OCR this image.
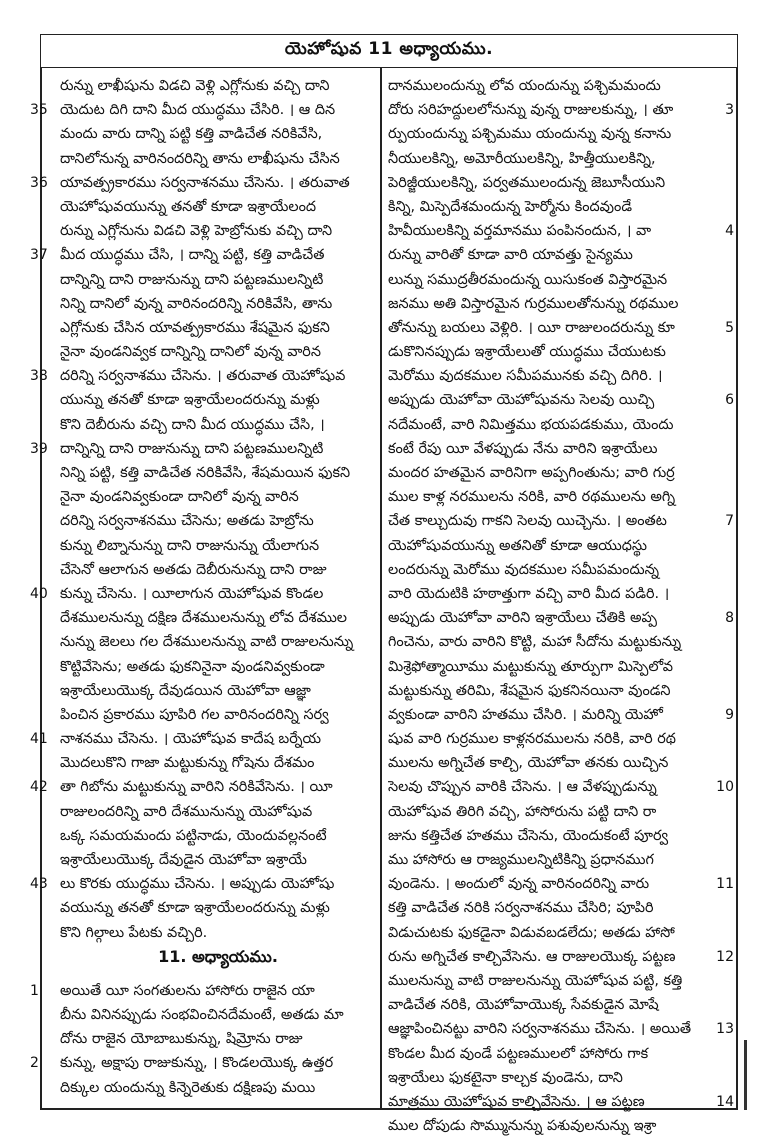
యెహోషువ 11 అధ్యాయము.
రున్ను లాఖీషును విడచి వెళ్లి ఎగ్లోనుకు వచ్చి దాని
35 యెదుట దిగి దాని మీద యుద్ధము చేసిరి. । ఆ దిన
మందు వారు దాన్ని పట్టి కత్తి వాడిచేత నరికివేసి,
దానిలోనున్న వారినందరిన్ని తాను లాఖీషును చేసిన
36 యావత్ప్రకారము సర్వనాశనము చేసెను. । తరువాత
యెహోషువయున్ను తనతో కూడా ఇశ్రాయేలంద
రున్ను ఎగ్లోనును విడచి వెళ్లి హెబ్రోనుకు వచ్చి దాని
37 మీద యుద్ధము చేసి, । దాన్ని పట్టి, కత్తి వాడిచేత
దాన్నిన్ని దాని రాజునున్ను దాని పట్టణములన్నిటి
నిన్ని దానిలో వున్న వారినందరిన్ని నరికివేసి, తాను
ఎగ్లోనుకు చేసిన యావత్ప్రకారము శేషమైన ఫుకని
నైనా వుండనివ్వక దాన్నిన్ని దానిలో వున్న వారిన
38 దరిన్ని సర్వనాశము చేసెను. । తరువాత యెహోషువ
యున్ను తనతో కూడా ఇశ్రాయేలందరున్ను మళ్లు
కొని దెబీరును వచ్చి దాని మీద యుద్ధము చేసి, ।
39 దాన్నిన్ని దాని రాజునున్ను దాని పట్టణములన్నిటి
నిన్ని పట్టి, కత్తి వాడిచేత నరికివేసి, శేషమయిన ఫుకని
నైనా వుండనివ్వకుండా దానిలో వున్న వారిన
దరిన్ని సర్వనాశనము చేసెను; అతడు హెబ్రోను
కున్ను లిబ్నానున్ను దాని రాజునున్ను యేలాగున
చేసెనో ఆలాగున అతడు దెబీరునున్ను దాని రాజు
40 కున్ను చేసెను. । యీలాగున యెహోషువ కొండల
దేశములనున్ను దక్షిణ దేశములనున్ను లోవ దేశముల
నున్ను జెలలు గల దేశములనున్ను వాటి రాజులనున్ను
కొట్టివేసెను; అతడు ఫుకనినైనా వుండనివ్వకుండా
ఇశ్రాయేలుయొక్క దేవుడయిన యెహోవా ఆజ్ఞా
పించిన ప్రకారము పూపిరి గల వారినందరిన్ని సర్వ
41 నాశనము చేసెను. । యెహోషువ కాదేష బర్నేయ
మొదలుకొని గాజా మట్టుకున్ను గోషెను దేశమం
42 తా గిబోను మట్టుకున్ను వారిని నరికివేసెను. । యీ
రాజులందరిన్ని వారి దేశమునున్ను యెహోషువ
ఒక్క సమయమందు పట్టినాడు, యెందువల్లనంటే
ఇశ్రాయేలుయొక్క దేవుడైన యెహోవా ఇశ్రాయే
43 లు కొరకు యుద్ధము చేసెను. । అప్పుడు యెహోషు
వయున్ను తనతో కూడా ఇశ్రాయేలందరున్ను మళ్లు
కొని గిల్గాలు పేటకు వచ్చిరి.
11. అధ్యాయము.
1	అయితే యీ సంగతులను హాసోరు రాజైన యా
బీను వినినప్పుడు సంభవించినదేమంటే, అతడు మా
దోను రాజైన యోబాబుకున్ను, షిమ్రోను రాజు
2	కున్ను, అక్షాపు రాజుకున్ను, । కొండలయొక్క ఉత్తర
దిక్కుల యందున్ను కిన్నెరెతుకు దక్షిణపు మయి
దానములందున్ను లోవ యందున్ను పశ్చిమమందు
3
దోరు సరిహద్దులలోనున్ను వున్న రాజులకున్ను, । తూ
ర్పుయందున్ను పశ్చిమము యందున్ను వున్న కనాను
నీయులకిన్ని, అమోరీయులకిన్ని, హిత్తీయులకిన్ని,
పెరిజ్జీయులకిన్ని, పర్వతములందున్న జెబూసీయుని
కిన్ని, మిస్పెదేశమందున్న హెర్మోను కిందవుండే
4
హివీయులకిన్ని వర్తమానము పంపినందున, । వా
రున్ను వారితో కూడా వారి యావత్తు సైన్యము
లున్ను సముద్రతీరమందున్న యిసుకంత విస్తారమైన
జనము అతి విస్తారమైన గుర్రములతోనున్ను రథముల
5
తోనున్ను బయలు వెళ్లిరి. । యీ రాజులందరున్ను కూ
డుకొనినప్పుడు ఇశ్రాయేలుతో యుద్ధము చేయుటకు
మెరోము వుదకముల సమీపమునకు వచ్చి దిగిరి. ।
6
అప్పుడు యెహోవా యెహోషువను సెలవు యిచ్చి
నదేమంటే, వారి నిమిత్తము భయపడకుము, యెందు
కంటే రేపు యీ వేళప్పుడు నేను వారిని ఇశ్రాయేలు
మందర హతమైన వారినిగా అప్పగింతును; వారి గుర్ర
ముల కాళ్ల నరములను నరికి, వారి రథములను అగ్ని
7
చేత కాల్చుదువు గాకని సెలవు యిచ్చెను. । అంతట
యెహోషువయున్ను అతనితో కూడా ఆయుధస్థు
లందరున్ను మెరోము వుదకముల సమీపమందున్న
వారి యెదుటికి హఠాత్తుగా వచ్చి వారి మీద పడిరి. ।
8
అప్పుడు యెహోవా వారిని ఇశ్రాయేలు చేతికి అప్ప
గించెను, వారు వారిని కొట్టి, మహా సీదోను మట్టుకున్ను
మిశ్రెఫోత్మాయీము మట్టుకున్ను తూర్పుగా మిస్పెలోవ
మట్టుకున్ను తరిమి, శేషమైన ఫుకనినయినా వుండని
9
వ్వకుండా వారిని హతము చేసిరి. । మరిన్ని యెహో
షువ వారి గుర్రముల కాళ్లనరములను నరికి, వారి రథ
ములను అగ్నిచేత కాల్చి, యెహోవా తనకు యిచ్చిన
10
సెలవు చొప్పున వారికి చేసెను. । ఆ వేళప్పుడున్ను
యెహోషువ తిరిగి వచ్చి, హాసోరును పట్టి దాని రా
జును కత్తిచేత హతము చేసెను, యెందుకంటే పూర్వ
ము హాసోరు ఆ రాజ్యములన్నిటికిన్ని ప్రధానముగ
11
వుండెను. । అందులో వున్న వారినందరిన్ని వారు
కత్తి వాడిచేత నరికి సర్వనాశనము చేసిరి; పూపిరి
విడుచుటకు ఫుకడైనా విడువబడలేదు; అతడు హాసో
12
రును అగ్నిచేత కాల్చివేసెను. ఆ రాజులయొక్క పట్టణ
ములనున్ను వాటి రాజులనున్ను యెహోషువ పట్టి, కత్తి
వాడిచేత నరికి, యెహోవాయొక్క సేవకుడైన మోషే
13
ఆజ్ఞాపించినట్టు వారిని సర్వనాశనము చేసెను. । అయితే
కొండల మీద వుండే పట్టణములలో హాసోరు గాక
ఇశ్రాయేలు ఫుకటైనా కాల్చక వుండెను, దాని
14
మాత్రము యెహోషువ కాల్చివేసెను. । ఆ పట్టణ
ముల దోపుడు సొమ్మునున్ను పశువులనున్ను ఇశ్రా
